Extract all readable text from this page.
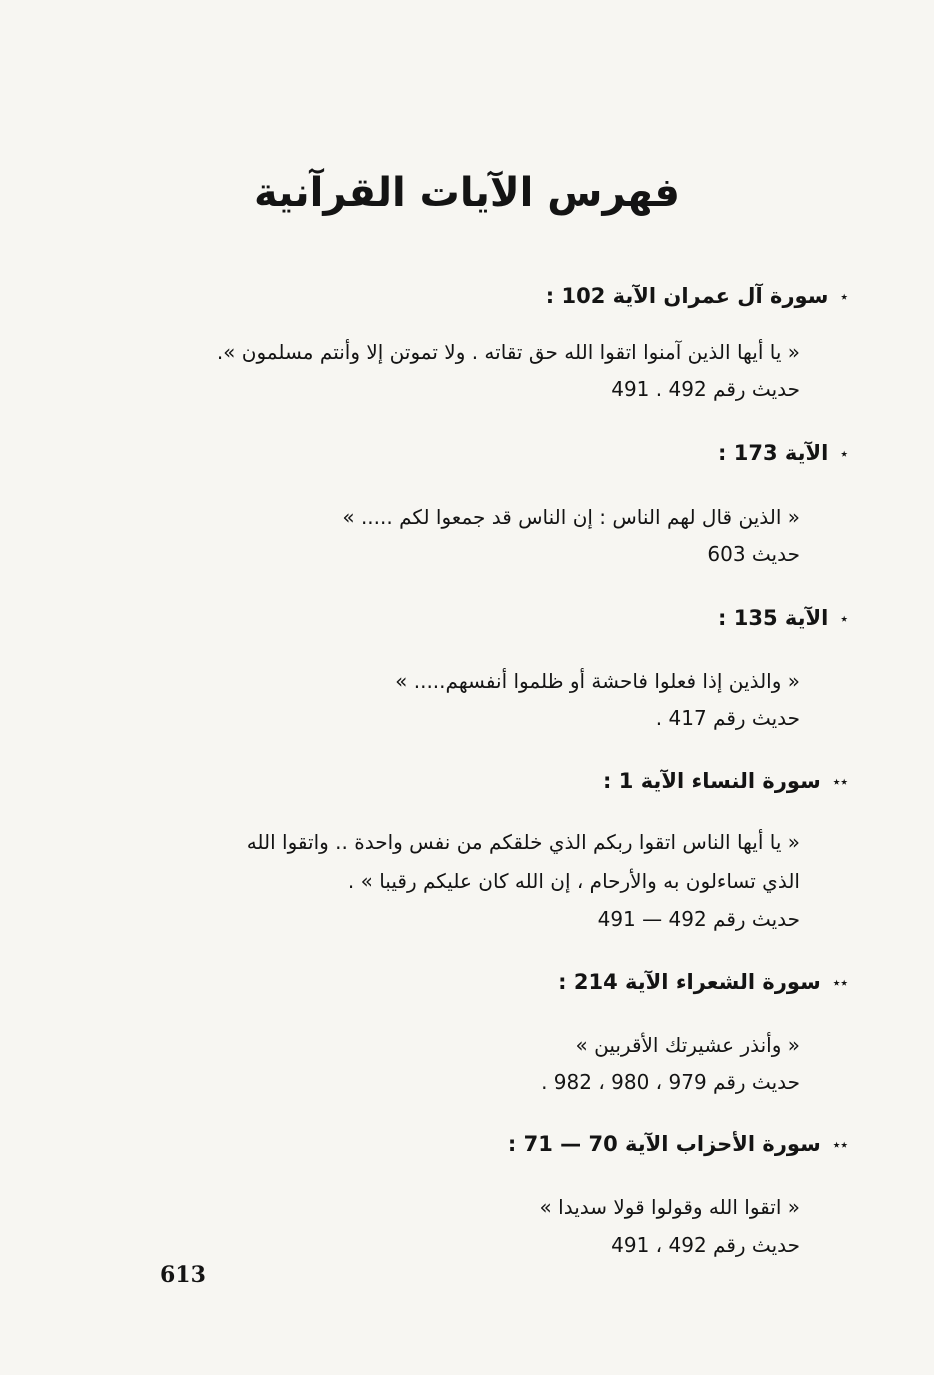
فهرس الآيات القرآنية
٭سورة آل عمران الآية 102 :
« يا أيها الذين آمنوا اتقوا الله حق تقاته . ولا تموتن إلا وأنتم مسلمون ».
حديث رقم 492 . 491
٭الآية 173 :
« الذين قال لهم الناس : إن الناس قد جمعوا لكم ..... »
حديث 603
٭الآية 135 :
« والذين إذا فعلوا فاحشة أو ظلموا أنفسهم..... »
حديث رقم 417 .
٭٭سورة النساء الآية 1 :
« يا أيها الناس اتقوا ربكم الذي خلقكم من نفس واحدة .. واتقوا الله
الذي تساءلون به والأرحام ، إن الله كان عليكم رقيبا » .
حديث رقم 492 — 491
٭٭سورة الشعراء الآية 214 :
« وأنذر عشيرتك الأقربين »
حديث رقم 979 ، 980 ، 982 .
٭٭سورة الأحزاب الآية 70 — 71 :
« اتقوا الله وقولوا قولا سديدا »
حديث رقم 492 ، 491
613
